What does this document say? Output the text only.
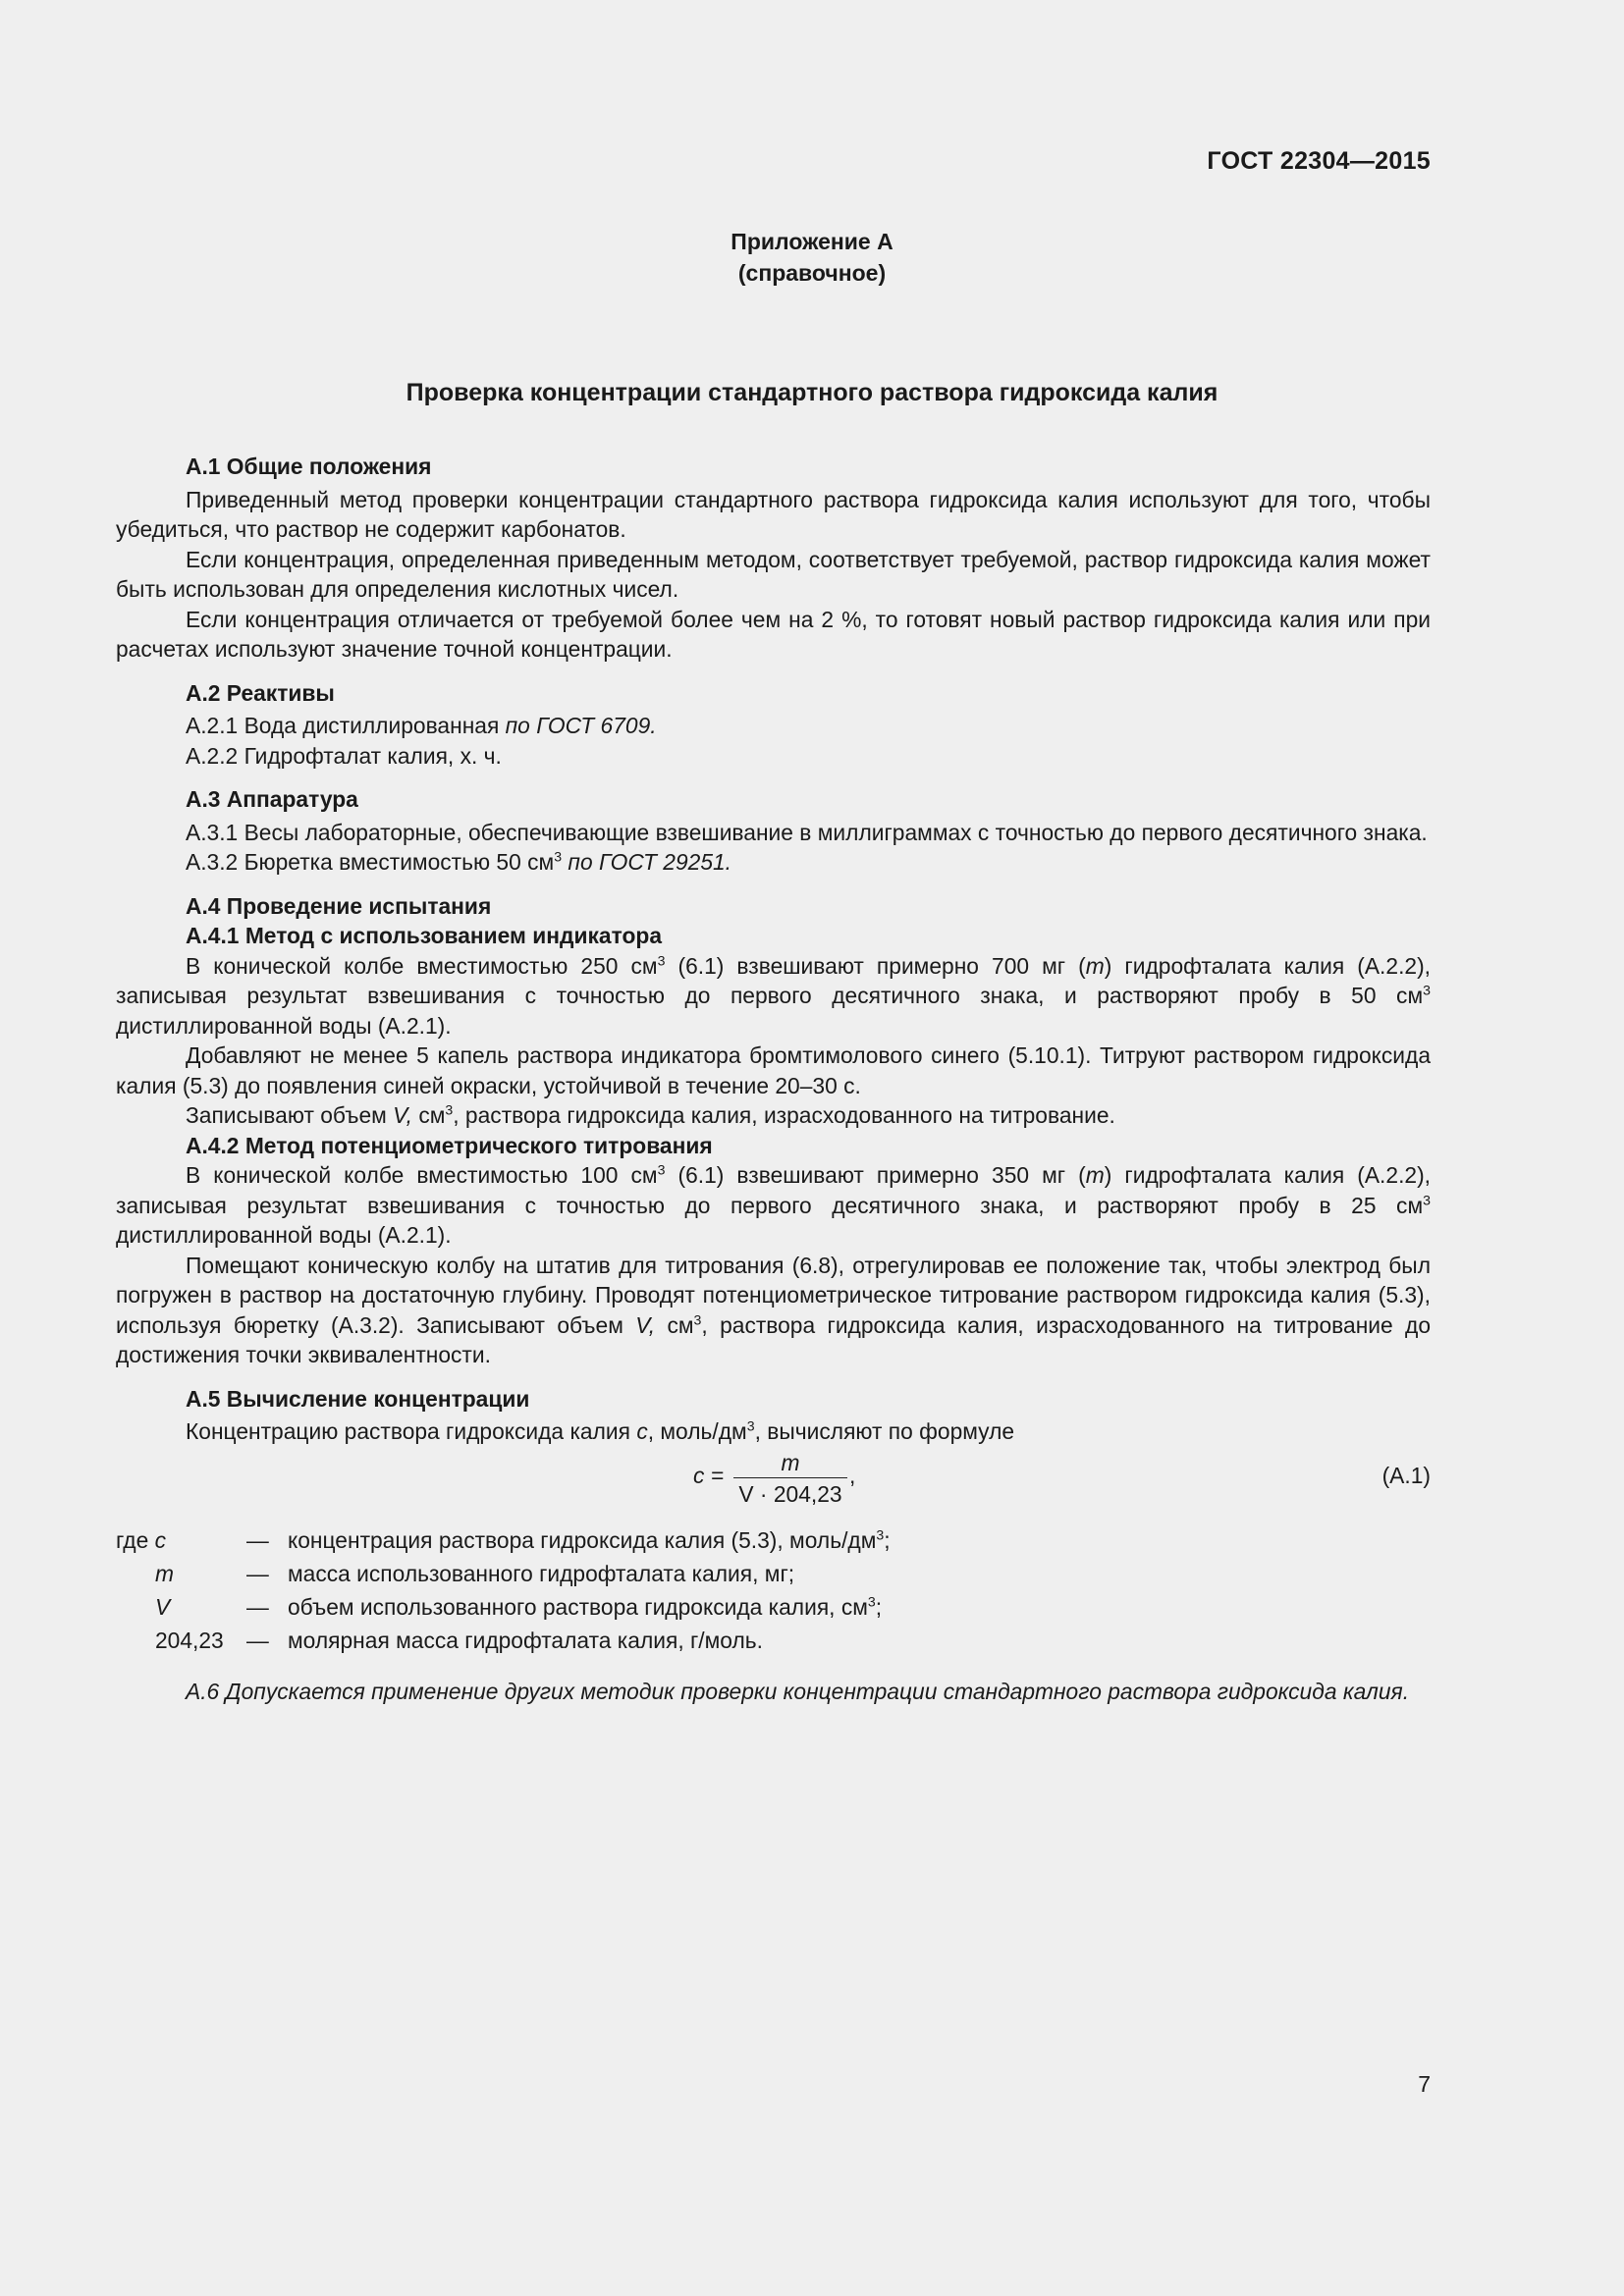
ГОСТ 22304—2015
Приложение А
(справочное)
Проверка концентрации стандартного раствора гидроксида калия

А.1 Общие положения

Приведенный метод проверки концентрации стандартного раствора гидроксида калия используют для того, чтобы убедиться, что раствор не содержит карбонатов.

Если концентрация, определенная приведенным методом, соответствует требуемой, раствор гидроксида калия может быть использован для определения кислотных чисел.

Если концентрация отличается от требуемой более чем на 2 %, то готовят новый раствор гидроксида калия или при расчетах используют значение точной концентрации.

А.2 Реактивы

А.2.1 Вода дистиллированная по ГОСТ 6709.

А.2.2 Гидрофталат калия, х. ч.

А.3 Аппаратура

А.3.1 Весы лабораторные, обеспечивающие взвешивание в миллиграммах с точностью до первого десятичного знака.

А.3.2 Бюретка вместимостью 50 $см^3$ по ГОСТ 29251.

А.4 Проведение испытания

А.4.1 Метод с использованием индикатора

В конической колбе вместимостью 250 $см^3$ (6.1) взвешивают примерно 700 мг (m) гидрофталата калия (А.2.2), записывая результат взвешивания с точностью до первого десятичного знака, и растворяют пробу в 50 $см^3$ дистиллированной воды (А.2.1).

Добавляют не менее 5 капель раствора индикатора бромтимолового синего (5.10.1). Титруют раствором гидроксида калия (5.3) до появления синей окраски, устойчивой в течение 20–30 с.

Записывают объем V, $см^3$, раствора гидроксида калия, израсходованного на титрование.

А.4.2 Метод потенциометрического титрования

В конической колбе вместимостью 100 $см^3$ (6.1) взвешивают примерно 350 мг (m) гидрофталата калия (А.2.2), записывая результат взвешивания с точностью до первого десятичного знака, и растворяют пробу в 25 $см^3$ дистиллированной воды (А.2.1).

Помещают коническую колбу на штатив для титрования (6.8), отрегулировав ее положение так, чтобы электрод был погружен в раствор на достаточную глубину. Проводят потенциометрическое титрование раствором гидроксида калия (5.3), используя бюретку (А.3.2). Записывают объем V, $см^3$, раствора гидроксида калия, израсходованного на титрование до достижения точки эквивалентности.

А.5 Вычисление концентрации

Концентрацию раствора гидроксида калия c, моль/$дм^3$, вычисляют по формуле

c =	m
V · 204,23
,	(А.1)
где c	— концентрация раствора гидроксида калия (5.3), моль/$дм^3$;
m	— масса использованного гидрофталата калия, мг;
V	— объем использованного раствора гидроксида калия, $см^3$;
204,23	— молярная масса гидрофталата калия, г/моль.

А.6 Допускается применение других методик проверки концентрации стандартного раствора гидроксида калия.

7
